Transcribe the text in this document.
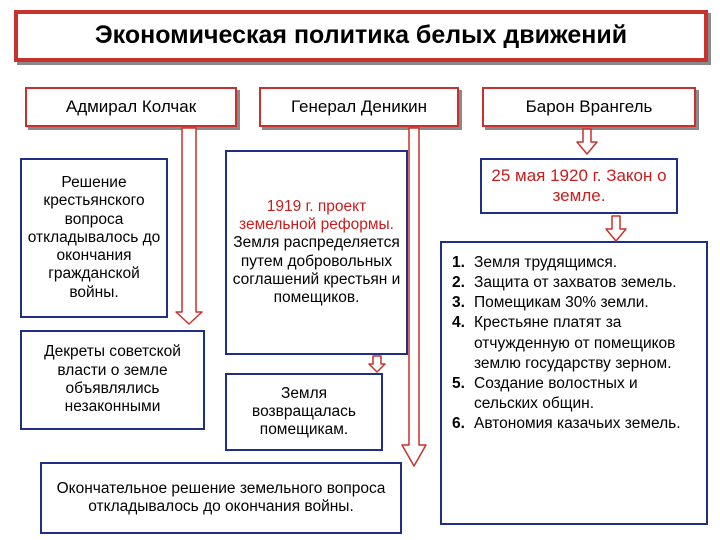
Экономическая политика белых движений
Адмирал Колчак	Генерал Деникин	Барон Врангель
Решение крестьянского вопроса откладывалось до окончания гражданской войны.
Декреты советской власти о земле объявлялись незаконными
1919 г. проект земельной реформы. Земля распределяется путем добровольных соглашений крестьян и помещиков.
Земля возвращалась помещикам.
Окончательное решение земельного вопроса откладывалось до окончания войны.
25 мая 1920 г. Закон о земле.
1. Земля трудящимся.
2. Защита от захватов земель.
3. Помещикам 30% земли.
4. Крестьяне платят за отчужденную от помещиков землю государству зерном.
5. Создание волостных и сельских общин.
6. Автономия казачьих земель.
